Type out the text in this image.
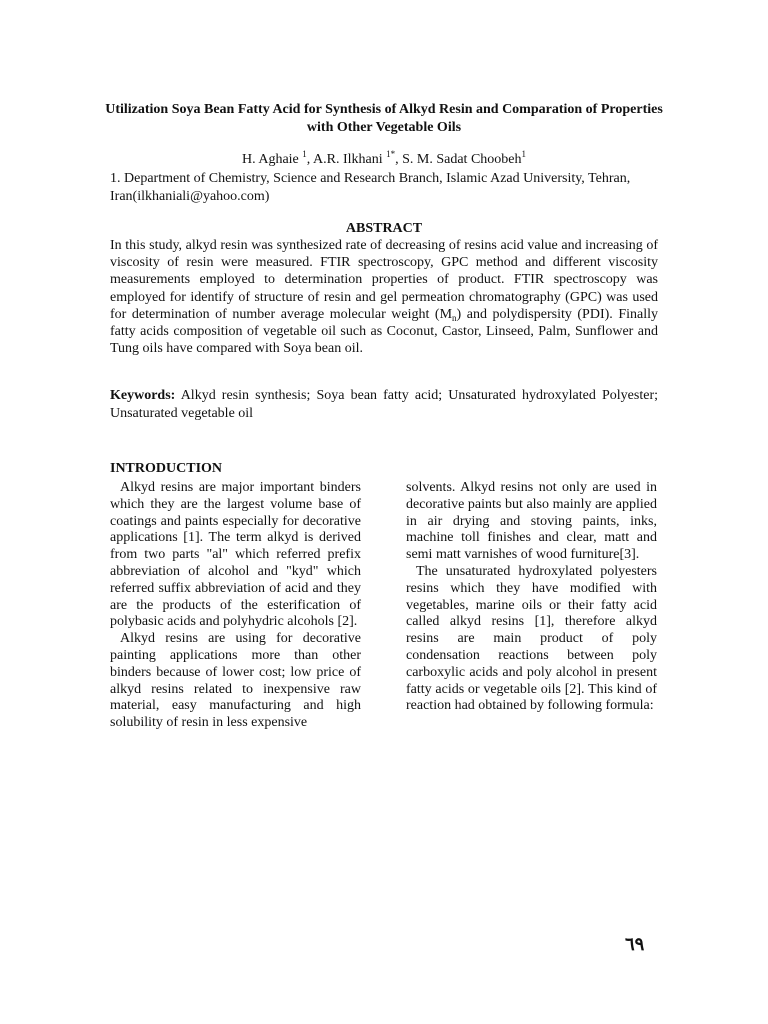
Utilization Soya Bean Fatty Acid for Synthesis of Alkyd Resin and Comparation of Properties with Other Vegetable Oils
H. Aghaie $^1$, A.R. Ilkhani $^{1*}$, S. M. Sadat Choobeh$^1$
1. Department of Chemistry, Science and Research Branch, Islamic Azad University, Tehran, Iran(ilkhaniali@yahoo.com)
ABSTRACT
In this study, alkyd resin was synthesized rate of decreasing of resins acid value and increasing of viscosity of resin were measured. FTIR spectroscopy, GPC method and different viscosity measurements employed to determination properties of product. FTIR spectroscopy was employed for identify of structure of resin and gel permeation chromatography (GPC) was used for determination of number average molecular weight $(M_n)$ and polydispersity (PDI). Finally fatty acids composition of vegetable oil such as Coconut, Castor, Linseed, Palm, Sunflower and Tung oils have compared with Soya bean oil.
Keywords: Alkyd resin synthesis; Soya bean fatty acid; Unsaturated hydroxylated Polyester; Unsaturated vegetable oil
INTRODUCTION

Alkyd resins are major important binders which they are the largest volume base of coatings and paints especially for decorative applications [1]. The term alkyd is derived from two parts "al" which referred prefix abbreviation of alcohol and "kyd" which referred suffix abbreviation of acid and they are the products of the esterification of polybasic acids and polyhydric alcohols [2].

Alkyd resins are using for decorative painting applications more than other binders because of lower cost; low price of alkyd resins related to inexpensive raw material, easy manufacturing and high solubility of resin in less expensive

solvents. Alkyd resins not only are used in decorative paints but also mainly are applied in air drying and stoving paints, inks, machine toll finishes and clear, matt and semi matt varnishes of wood furniture[3].

The unsaturated hydroxylated polyesters resins which they have modified with vegetables, marine oils or their fatty acid called alkyd resins [1], therefore alkyd resins are main product of poly condensation reactions between poly carboxylic acids and poly alcohol in present fatty acids or vegetable oils [2]. This kind of reaction had obtained by following formula:

٦٩
